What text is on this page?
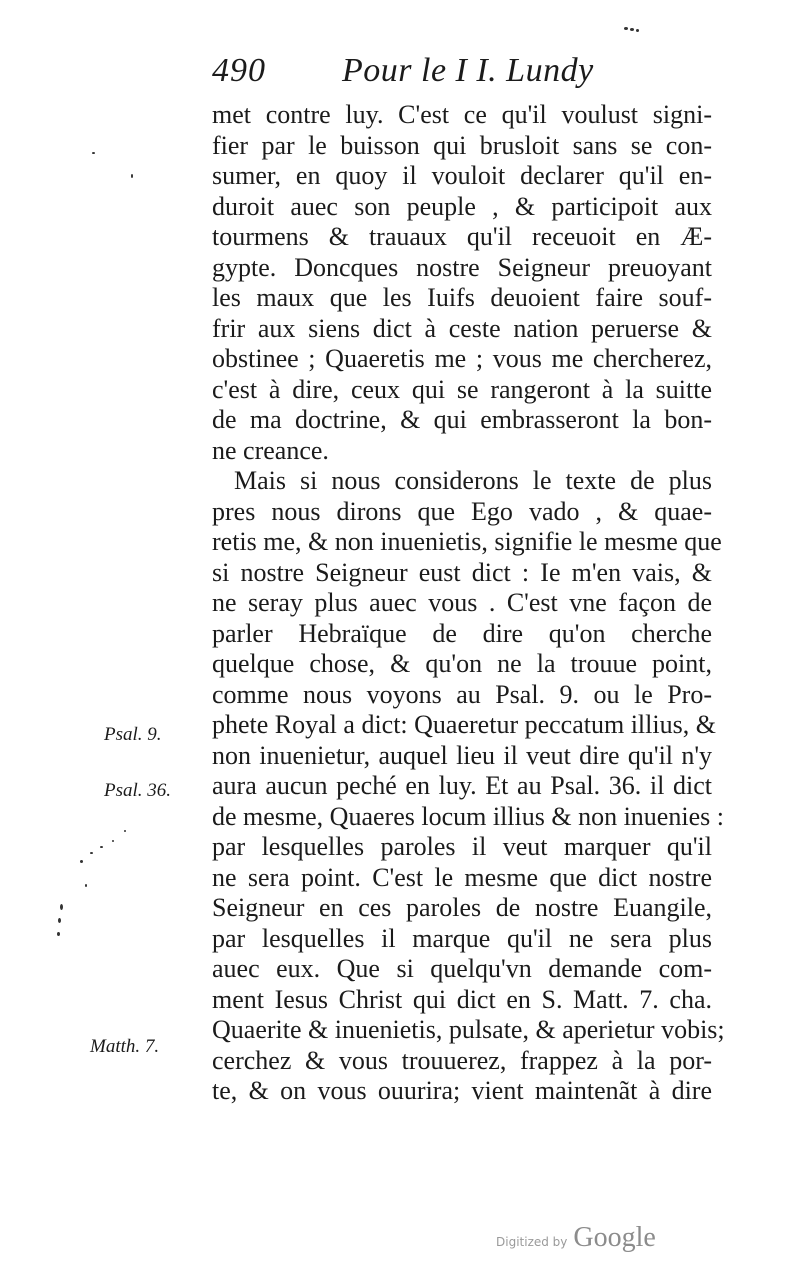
490 Pour le I I. Lundy
met contre luy. C'est ce qu'il voulust signi-
fier par le buisson qui brusloit sans se con-
sumer, en quoy il vouloit declarer qu'il en-
duroit auec son peuple , & participoit aux
tourmens & trauaux qu'il receuoit en Æ-
gypte. Doncques nostre Seigneur preuoyant
les maux que les Iuifs deuoient faire souf-
frir aux siens dict à ceste nation peruerse &
obstinee ; Quaeretis me ; vous me chercherez,
c'est à dire, ceux qui se rangeront à la suitte
de ma doctrine, & qui embrasseront la bon-
ne creance.
Mais si nous considerons le texte de plus
pres nous dirons que Ego vado , & quae-
retis me, & non inuenietis, signifie le mesme que
si nostre Seigneur eust dict : Ie m'en vais, &
ne seray plus auec vous . C'est vne façon de
parler Hebraïque de dire qu'on cherche
quelque chose, & qu'on ne la trouue point,
comme nous voyons au Psal. 9. ou le Pro-
phete Royal a dict: Quaeretur peccatum illius, &
non inuenietur, auquel lieu il veut dire qu'il n'y
aura aucun peché en luy. Et au Psal. 36. il dict
de mesme, Quaeres locum illius & non inuenies :
par lesquelles paroles il veut marquer qu'il
ne sera point. C'est le mesme que dict nostre
Seigneur en ces paroles de nostre Euangile,
par lesquelles il marque qu'il ne sera plus
auec eux. Que si quelqu'vn demande com-
ment Iesus Christ qui dict en S. Matt. 7. cha.
Quaerite & inuenietis, pulsate, & aperietur vobis;
cerchez & vous trouuerez, frappez à la por-
te, & on vous ouurira; vient maintenãt à dire
Psal. 9.
Psal. 36.
Matth. 7.
Digitized by Google
